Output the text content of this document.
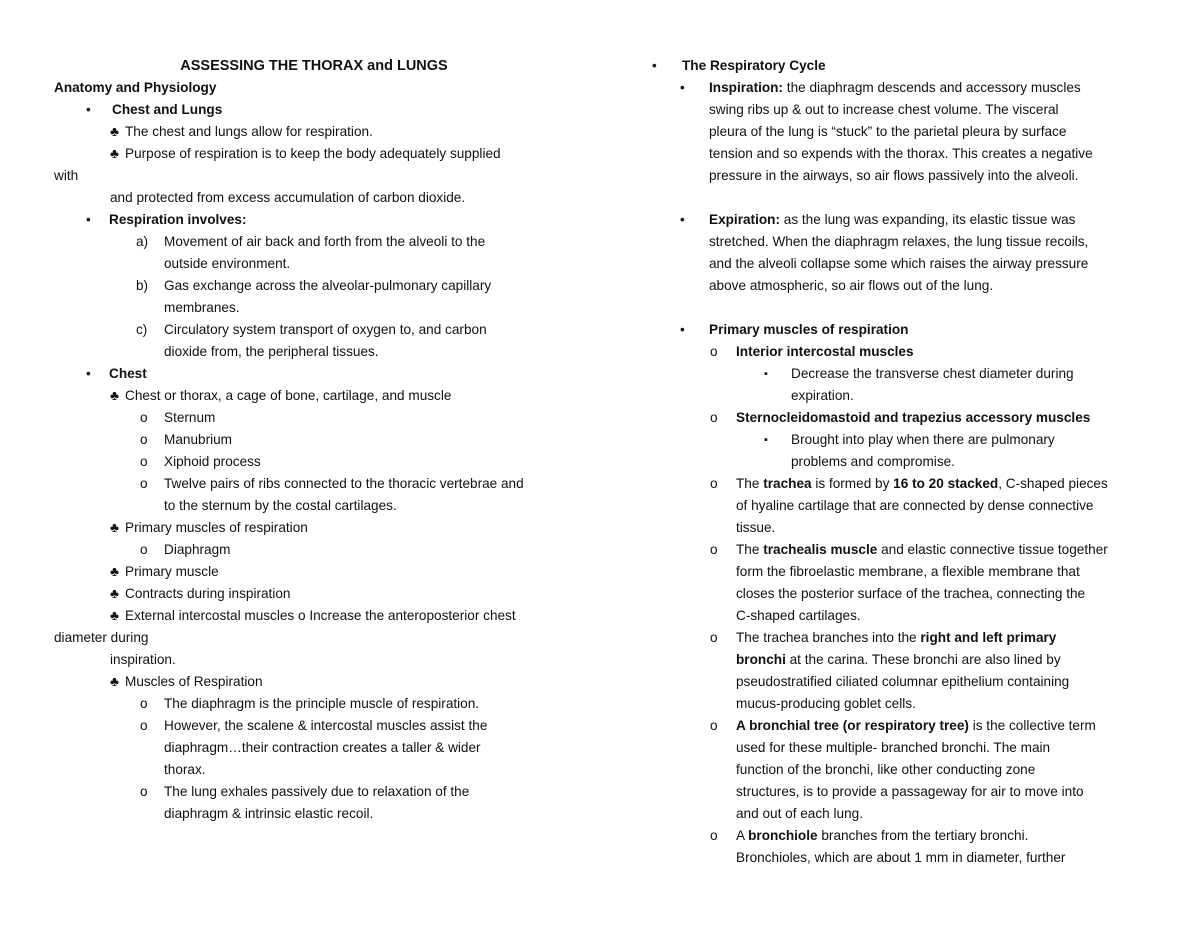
ASSESSING THE THORAX and LUNGS
Anatomy and Physiology
• Chest and Lungs
♣ The chest and lungs allow for respiration.
♣ Purpose of respiration is to keep the body adequately supplied
with
and protected from excess accumulation of carbon dioxide.
• Respiration involves:
a) Movement of air back and forth from the alveoli to the
outside environment.
b) Gas exchange across the alveolar-pulmonary capillary
membranes.
c) Circulatory system transport of oxygen to, and carbon
dioxide from, the peripheral tissues.
• Chest
♣ Chest or thorax, a cage of bone, cartilage, and muscle
o Sternum
o Manubrium
o Xiphoid process
o Twelve pairs of ribs connected to the thoracic vertebrae and
to the sternum by the costal cartilages.
♣ Primary muscles of respiration
o Diaphragm
♣ Primary muscle
♣ Contracts during inspiration
♣ External intercostal muscles o Increase the anteroposterior chest
diameter during
inspiration.
♣ Muscles of Respiration
o The diaphragm is the principle muscle of respiration.
o However, the scalene & intercostal muscles assist the
diaphragm…their contraction creates a taller & wider
thorax.
o The lung exhales passively due to relaxation of the
diaphragm & intrinsic elastic recoil.
• The Respiratory Cycle
• Inspiration: the diaphragm descends and accessory muscles
swing ribs up & out to increase chest volume. The visceral
pleura of the lung is “stuck” to the parietal pleura by surface
tension and so expends with the thorax. This creates a negative
pressure in the airways, so air flows passively into the alveoli.
• Expiration: as the lung was expanding, its elastic tissue was
stretched. When the diaphragm relaxes, the lung tissue recoils,
and the alveoli collapse some which raises the airway pressure
above atmospheric, so air flows out of the lung.
• Primary muscles of respiration
o Interior intercostal muscles
▪ Decrease the transverse chest diameter during
expiration.
o Sternocleidomastoid and trapezius accessory muscles
▪ Brought into play when there are pulmonary
problems and compromise.
o The trachea is formed by 16 to 20 stacked, C-shaped pieces
of hyaline cartilage that are connected by dense connective
tissue.
o The trachealis muscle and elastic connective tissue together
form the fibroelastic membrane, a flexible membrane that
closes the posterior surface of the trachea, connecting the
C-shaped cartilages.
o The trachea branches into the right and left primary
bronchi at the carina. These bronchi are also lined by
pseudostratified ciliated columnar epithelium containing
mucus-producing goblet cells.
o A bronchial tree (or respiratory tree) is the collective term
used for these multiple- branched bronchi. The main
function of the bronchi, like other conducting zone
structures, is to provide a passageway for air to move into
and out of each lung.
o A bronchiole branches from the tertiary bronchi.
Bronchioles, which are about 1 mm in diameter, further
